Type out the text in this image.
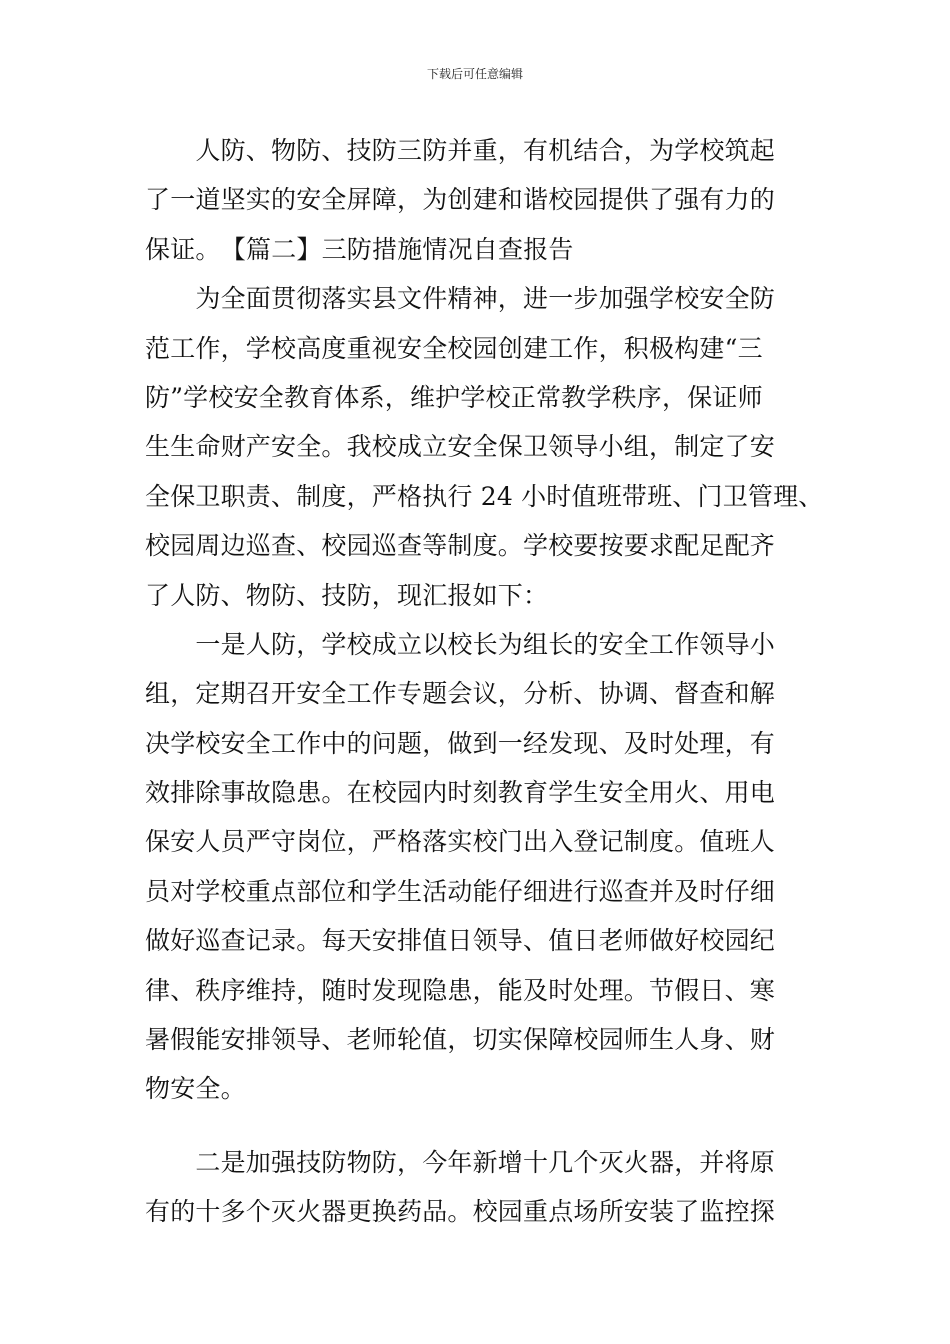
下载后可任意编辑
　　人防、物防、技防三防并重，有机结合，为学校筑起
了一道坚实的安全屏障，为创建和谐校园提供了强有力的
保证。　【篇二】三防措施情况自查报告
　　为全面贯彻落实县文件精神，进一步加强学校安全防
范工作，学校高度重视安全校园创建工作，积极构建“三
防”学校安全教育体系，维护学校正常教学秩序，保证师
生生命财产安全。我校成立安全保卫领导小组，制定了安
全保卫职责、制度，严格执行 24 小时值班带班、门卫管理、
校园周边巡查、校园巡查等制度。学校要按要求配足配齐
了人防、物防、技防，现汇报如下：
　　一是人防，学校成立以校长为组长的安全工作领导小
组，定期召开安全工作专题会议，分析、协调、督查和解
决学校安全工作中的问题，做到一经发现、及时处理，有
效排除事故隐患。在校园内时刻教育学生安全用火、用电
保安人员严守岗位，严格落实校门出入登记制度。值班人
员对学校重点部位和学生活动能仔细进行巡查并及时仔细
做好巡查记录。每天安排值日领导、值日老师做好校园纪
律、秩序维持，随时发现隐患，能及时处理。节假日、寒
暑假能安排领导、老师轮值，切实保障校园师生人身、财
物安全。
　　二是加强技防物防，今年新增十几个灭火器，并将原
有的十多个灭火器更换药品。校园重点场所安装了监控探
